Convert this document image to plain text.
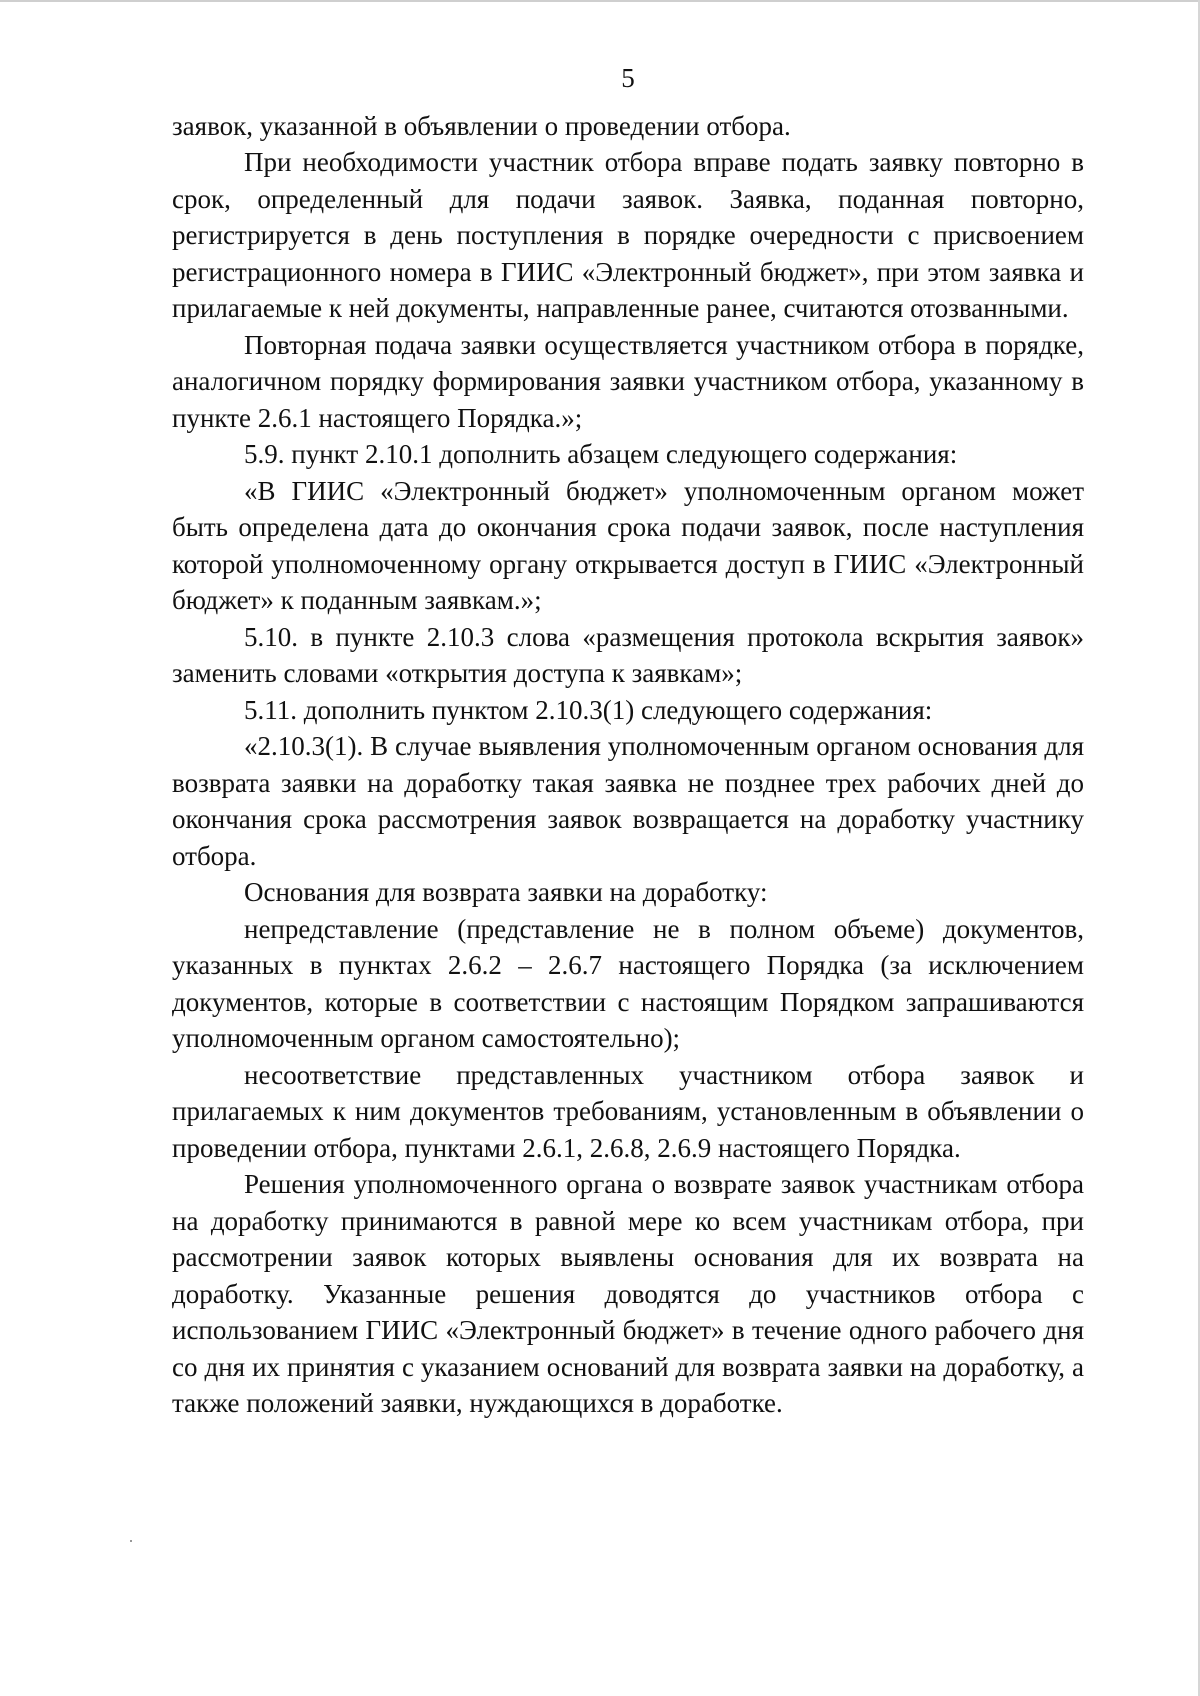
5

заявок, указанной в объявлении о проведении отбора.

При необходимости участник отбора вправе подать заявку повторно в срок, определенный для подачи заявок. Заявка, поданная повторно, регистрируется в день поступления в порядке очередности с присвоением регистрационного номера в ГИИС «Электронный бюджет», при этом заявка и прилагаемые к ней документы, направленные ранее, считаются отозванными.

Повторная подача заявки осуществляется участником отбора в порядке, аналогичном порядку формирования заявки участником отбора, указанному в пункте 2.6.1 настоящего Порядка.»;

5.9. пункт 2.10.1 дополнить абзацем следующего содержания:

«В ГИИС «Электронный бюджет» уполномоченным органом может быть определена дата до окончания срока подачи заявок, после наступления которой уполномоченному органу открывается доступ в ГИИС «Электронный бюджет» к поданным заявкам.»;

5.10. в пункте 2.10.3 слова «размещения протокола вскрытия заявок» заменить словами «открытия доступа к заявкам»;

5.11. дополнить пунктом 2.10.3(1) следующего содержания:

«2.10.3(1). В случае выявления уполномоченным органом основания для возврата заявки на доработку такая заявка не позднее трех рабочих дней до окончания срока рассмотрения заявок возвращается на доработку участнику отбора.

Основания для возврата заявки на доработку:

непредставление (представление не в полном объеме) документов, указанных в пунктах 2.6.2 – 2.6.7 настоящего Порядка (за исключением документов, которые в соответствии с настоящим Порядком запрашиваются уполномоченным органом самостоятельно);

несоответствие представленных участником отбора заявок и прилагаемых к ним документов требованиям, установленным в объявлении о проведении отбора, пунктами 2.6.1, 2.6.8, 2.6.9 настоящего Порядка.

Решения уполномоченного органа о возврате заявок участникам отбора на доработку принимаются в равной мере ко всем участникам отбора, при рассмотрении заявок которых выявлены основания для их возврата на доработку. Указанные решения доводятся до участников отбора с использованием ГИИС «Электронный бюджет» в течение одного рабочего дня со дня их принятия с указанием оснований для возврата заявки на доработку, а также положений заявки, нуждающихся в доработке.
